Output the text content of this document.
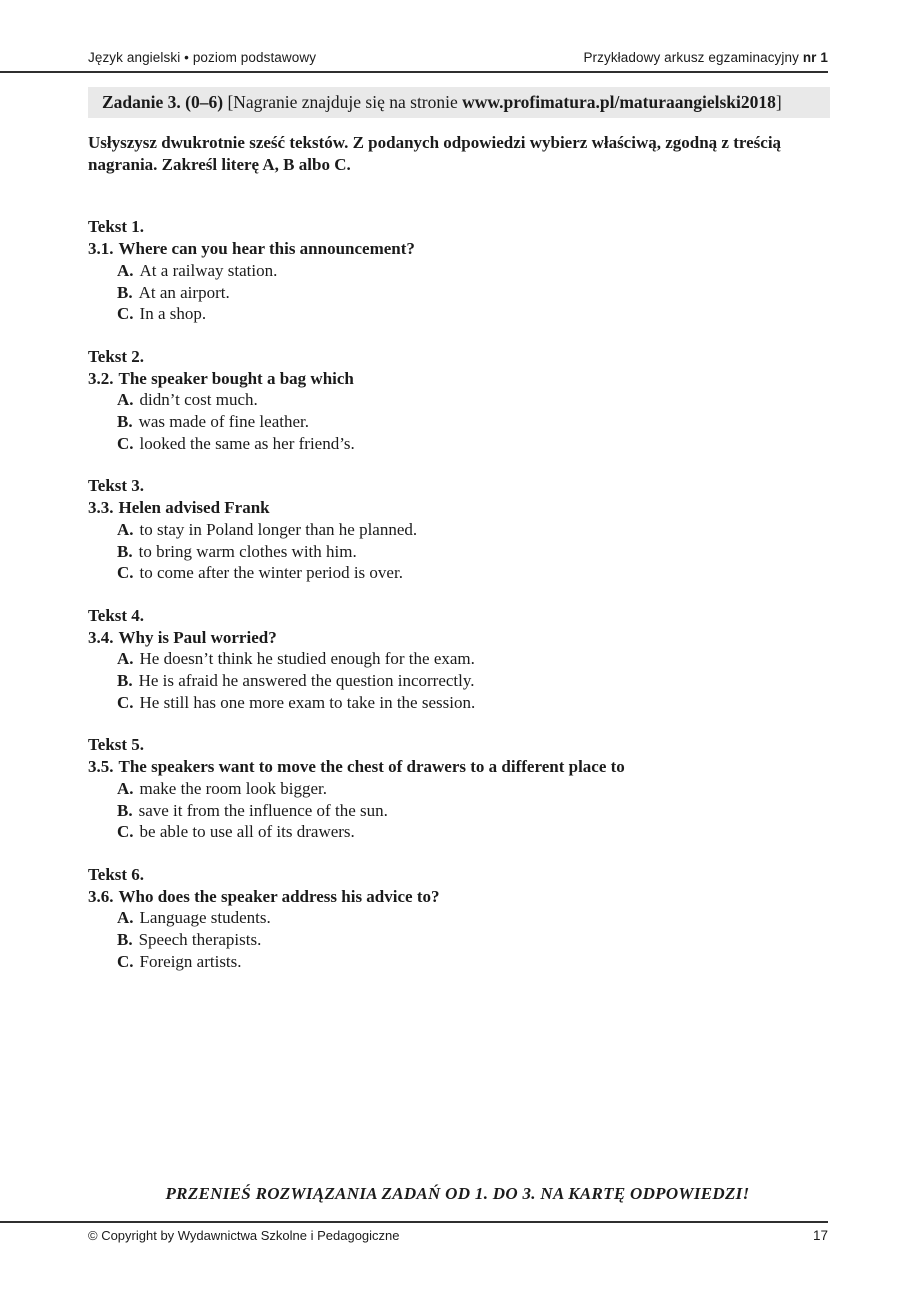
Język angielski • poziom podstawowy	Przykładowy arkusz egzaminacyjny nr 1
Zadanie 3. (0–6) [Nagranie znajduje się na stronie www.profimatura.pl/maturaangielski2018]

Usłyszysz dwukrotnie sześć tekstów. Z podanych odpowiedzi wybierz właściwą, zgodną z treścią nagrania. Zakreśl literę A, B albo C.

Tekst 1.
3.1. Where can you hear this announcement?
A. At a railway station.
B. At an airport.
C. In a shop.
Tekst 2.
3.2. The speaker bought a bag which
A. didn’t cost much.
B. was made of fine leather.
C. looked the same as her friend’s.
Tekst 3.
3.3. Helen advised Frank
A. to stay in Poland longer than he planned.
B. to bring warm clothes with him.
C. to come after the winter period is over.
Tekst 4.
3.4. Why is Paul worried?
A. He doesn’t think he studied enough for the exam.
B. He is afraid he answered the question incorrectly.
C. He still has one more exam to take in the session.
Tekst 5.
3.5. The speakers want to move the chest of drawers to a different place to
A. make the room look bigger.
B. save it from the influence of the sun.
C. be able to use all of its drawers.
Tekst 6.
3.6. Who does the speaker address his advice to?
A. Language students.
B. Speech therapists.
C. Foreign artists.
PRZENIEŚ ROZWIĄZANIA ZADAŃ OD 1. DO 3. NA KARTĘ ODPOWIEDZI!
© Copyright by Wydawnictwa Szkolne i Pedagogiczne	17
